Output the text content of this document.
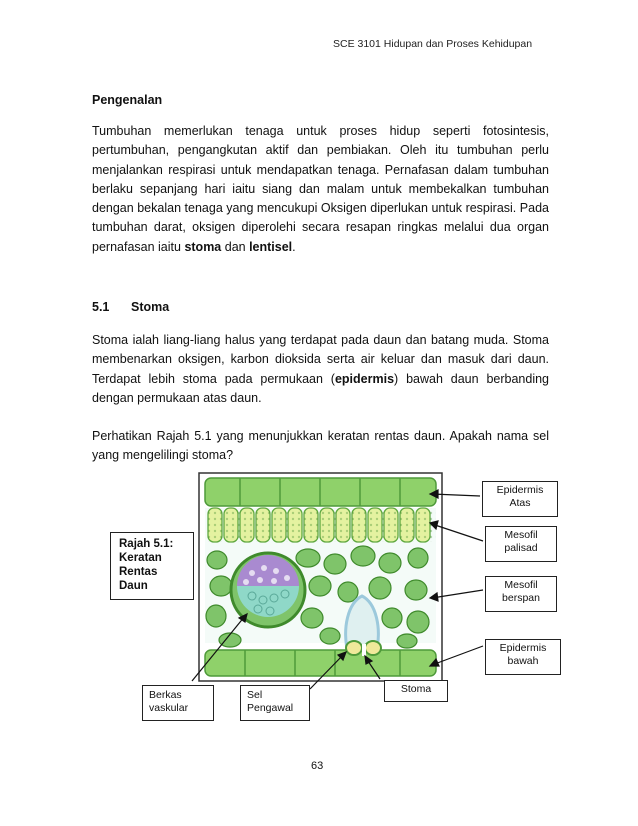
SCE 3101 Hidupan dan Proses Kehidupan
Pengenalan
Tumbuhan memerlukan tenaga untuk proses hidup seperti fotosintesis, pertumbuhan, pengangkutan aktif dan pembiakan. Oleh itu tumbuhan perlu menjalankan respirasi untuk mendapatkan tenaga. Pernafasan dalam tumbuhan berlaku sepanjang hari iaitu siang dan malam untuk membekalkan tumbuhan dengan bekalan tenaga yang mencukupi Oksigen diperlukan untuk respirasi. Pada tumbuhan darat, oksigen diperolehi secara resapan ringkas melalui dua organ pernafasan iaitu stoma dan lentisel.
5.1 Stoma
Stoma ialah liang-liang halus yang terdapat pada daun dan batang muda. Stoma membenarkan oksigen, karbon dioksida serta air keluar dan masuk dari daun. Terdapat lebih stoma pada permukaan (epidermis) bawah daun berbanding dengan permukaan atas daun.
Perhatikan Rajah 5.1 yang menunjukkan keratan rentas daun. Apakah nama sel yang mengelilingi stoma?
Rajah 5.1:
Keratan
Rentas
Daun
Epidermis
Atas
Mesofil
palisad
Mesofil
berspan
Epidermis
bawah
Stoma
Sel
Pengawal
Berkas
vaskular
63
